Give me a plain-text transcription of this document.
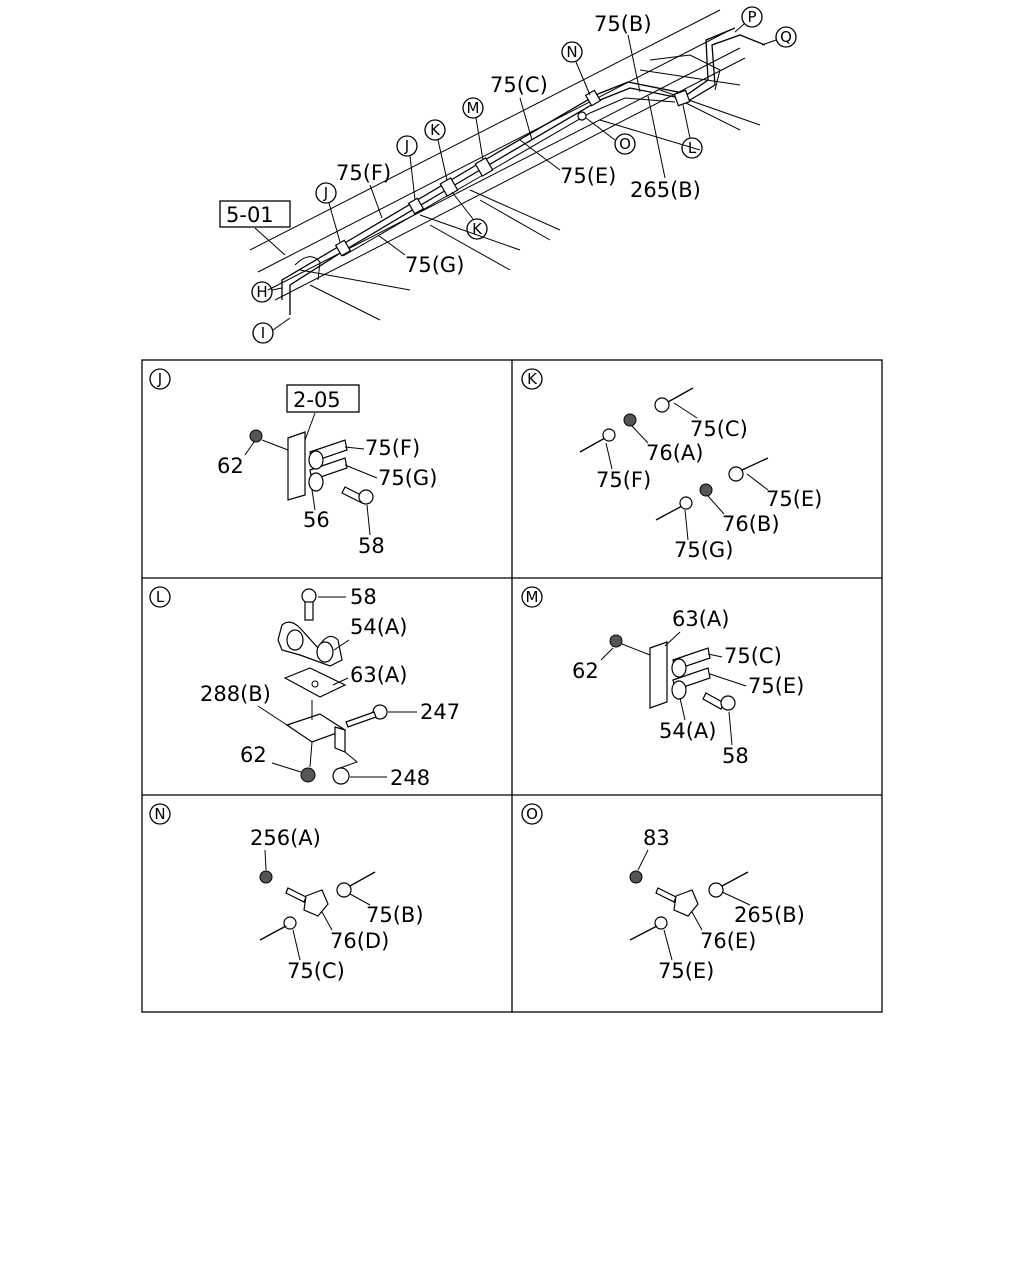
5-01
75(B)
75(C)
75(F)	75(E)
265(B)
75(G)
P
Q
N
O
M
K
J
J
K
L
H
I
J
2-05
62
75(F)
75(G)
56
58
K
75(C)
76(A)
75(F)
75(E)
76(B)
75(G)
L	58
54(A)
63(A)
288(B)
247
62
248
M
63(A)
62
75(C)
75(E)
54(A)
58
N
256(A)
75(B)
76(D)
75(C)
O
83
265(B)
76(E)
75(E)
